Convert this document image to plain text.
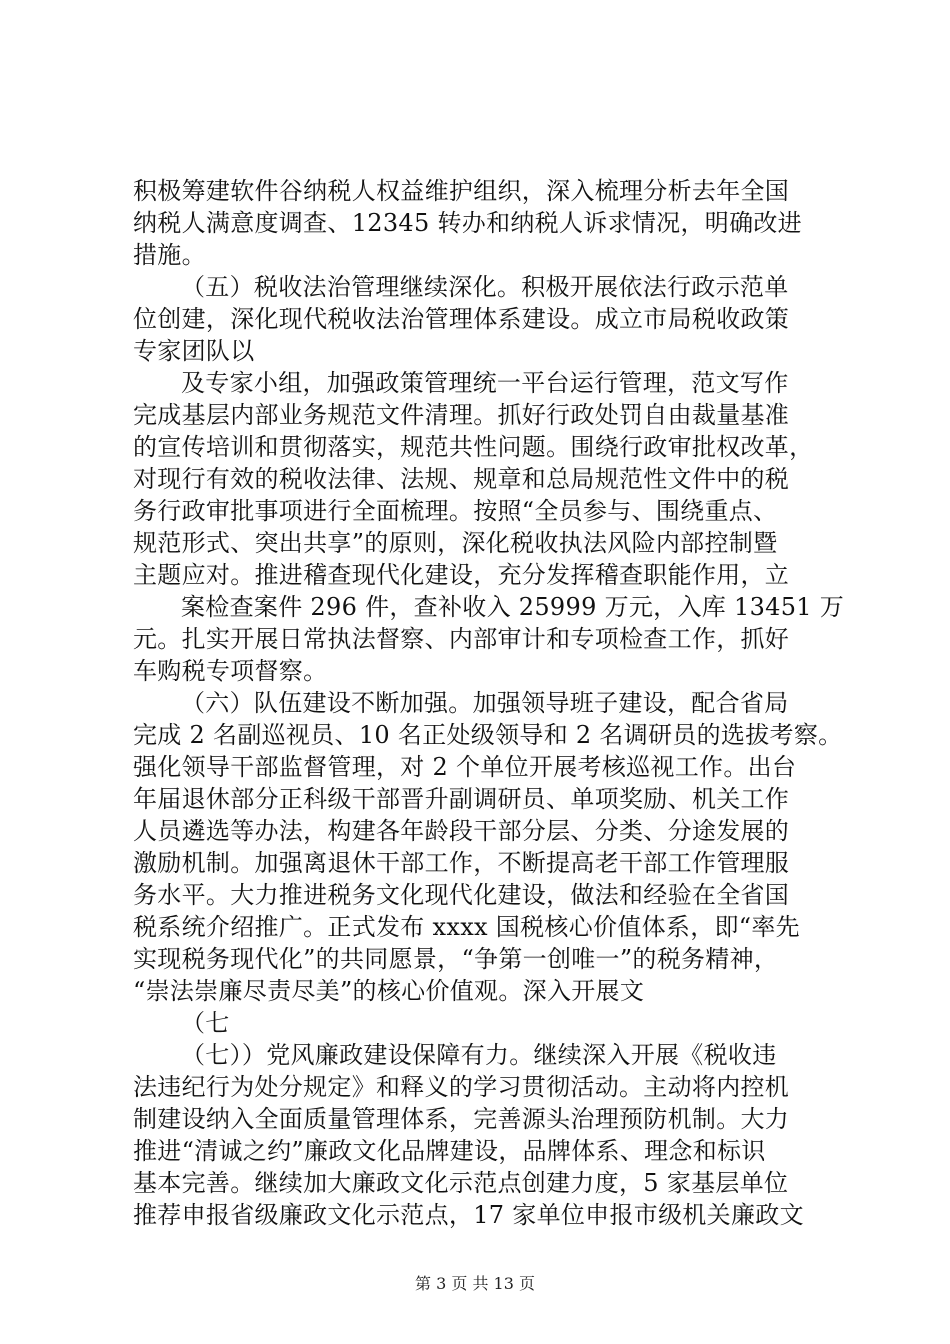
积极筹建软件谷纳税人权益维护组织，深入梳理分析去年全国
纳税人满意度调查、12345 转办和纳税人诉求情况，明确改进
措施。
（五）税收法治管理继续深化。积极开展依法行政示范单
位创建，深化现代税收法治管理体系建设。成立市局税收政策
专家团队以
及专家小组，加强政策管理统一平台运行管理，范文写作
完成基层内部业务规范文件清理。抓好行政处罚自由裁量基准
的宣传培训和贯彻落实，规范共性问题。围绕行政审批权改革，
对现行有效的税收法律、法规、规章和总局规范性文件中的税
务行政审批事项进行全面梳理。按照“全员参与、围绕重点、
规范形式、突出共享”的原则，深化税收执法风险内部控制暨
主题应对。推进稽查现代化建设，充分发挥稽查职能作用，立
案检查案件 296 件，查补收入 25999 万元，入库 13451 万
元。扎实开展日常执法督察、内部审计和专项检查工作，抓好
车购税专项督察。
（六）队伍建设不断加强。加强领导班子建设，配合省局
完成 2 名副巡视员、10 名正处级领导和 2 名调研员的选拔考察。
强化领导干部监督管理，对 2 个单位开展考核巡视工作。出台
年届退休部分正科级干部晋升副调研员、单项奖励、机关工作
人员遴选等办法，构建各年龄段干部分层、分类、分途发展的
激励机制。加强离退休干部工作，不断提高老干部工作管理服
务水平。大力推进税务文化现代化建设，做法和经验在全省国
税系统介绍推广。正式发布 xxxx 国税核心价值体系，即“率先
实现税务现代化”的共同愿景，“争第一创唯一”的税务精神，
“崇法崇廉尽责尽美”的核心价值观。深入开展文
（七
（七））党风廉政建设保障有力。继续深入开展《税收违
法违纪行为处分规定》和释义的学习贯彻活动。主动将内控机
制建设纳入全面质量管理体系，完善源头治理预防机制。大力
推进“清诚之约”廉政文化品牌建设，品牌体系、理念和标识
基本完善。继续加大廉政文化示范点创建力度，5 家基层单位
推荐申报省级廉政文化示范点，17 家单位申报市级机关廉政文
第 3 页 共 13 页
